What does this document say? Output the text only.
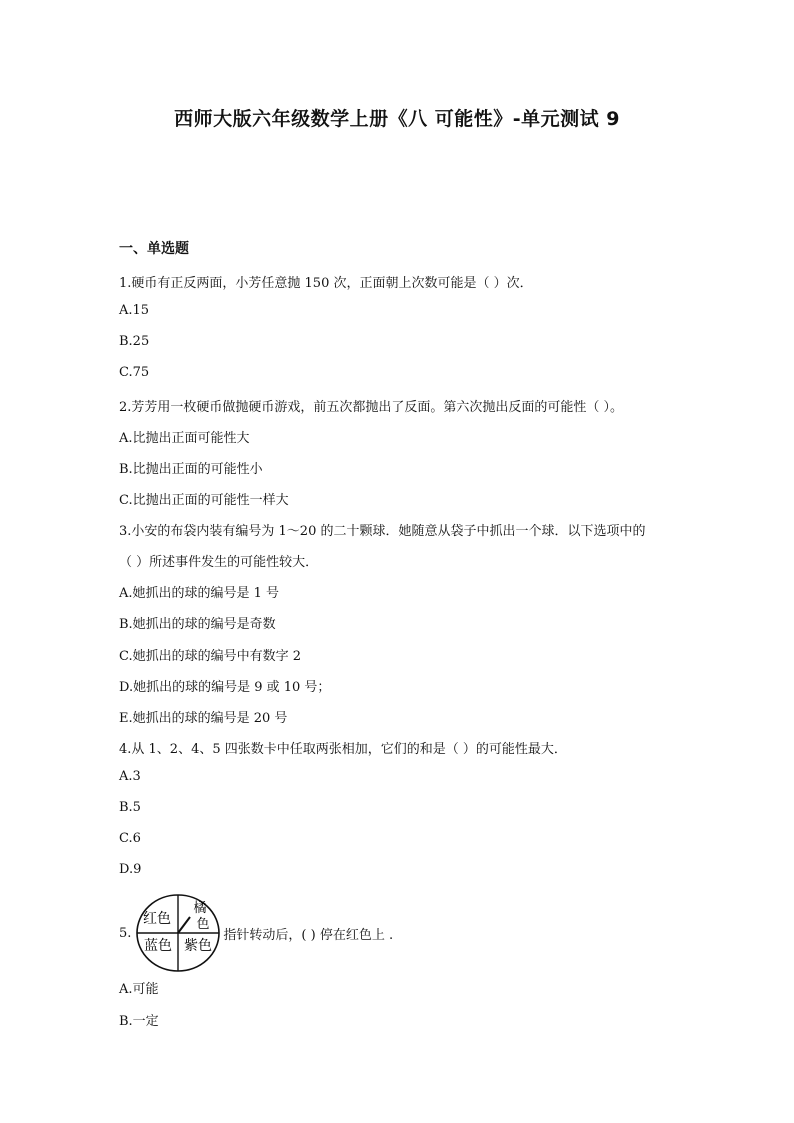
西师大版六年级数学上册《八 可能性》-单元测试 9
一、单选题
1.硬币有正反两面，小芳任意抛 150 次，正面朝上次数可能是（ ）次．
A.15
B.25
C.75
2.芳芳用一枚硬币做抛硬币游戏，前五次都抛出了反面。第六次抛出反面的可能性（ ）。
A.比抛出正面可能性大
B.比抛出正面的可能性小
C.比抛出正面的可能性一样大
3.小安的布袋内装有编号为 1～20 的二十颗球．她随意从袋子中抓出一个球．以下选项中的
（ ）所述事件发生的可能性较大．
A.她抓出的球的编号是 1 号
B.她抓出的球的编号是奇数
C.她抓出的球的编号中有数字 2
D.她抓出的球的编号是 9 或 10 号；
E.她抓出的球的编号是 20 号
4.从 1、2、4、5 四张数卡中任取两张相加，它们的和是（ ）的可能性最大．
A.3
B.5
C.6
D.9
5.
红色
橘
色
蓝色 紫色
指针转动后，( ) 停在红色上 .
A.可能
B.一定
